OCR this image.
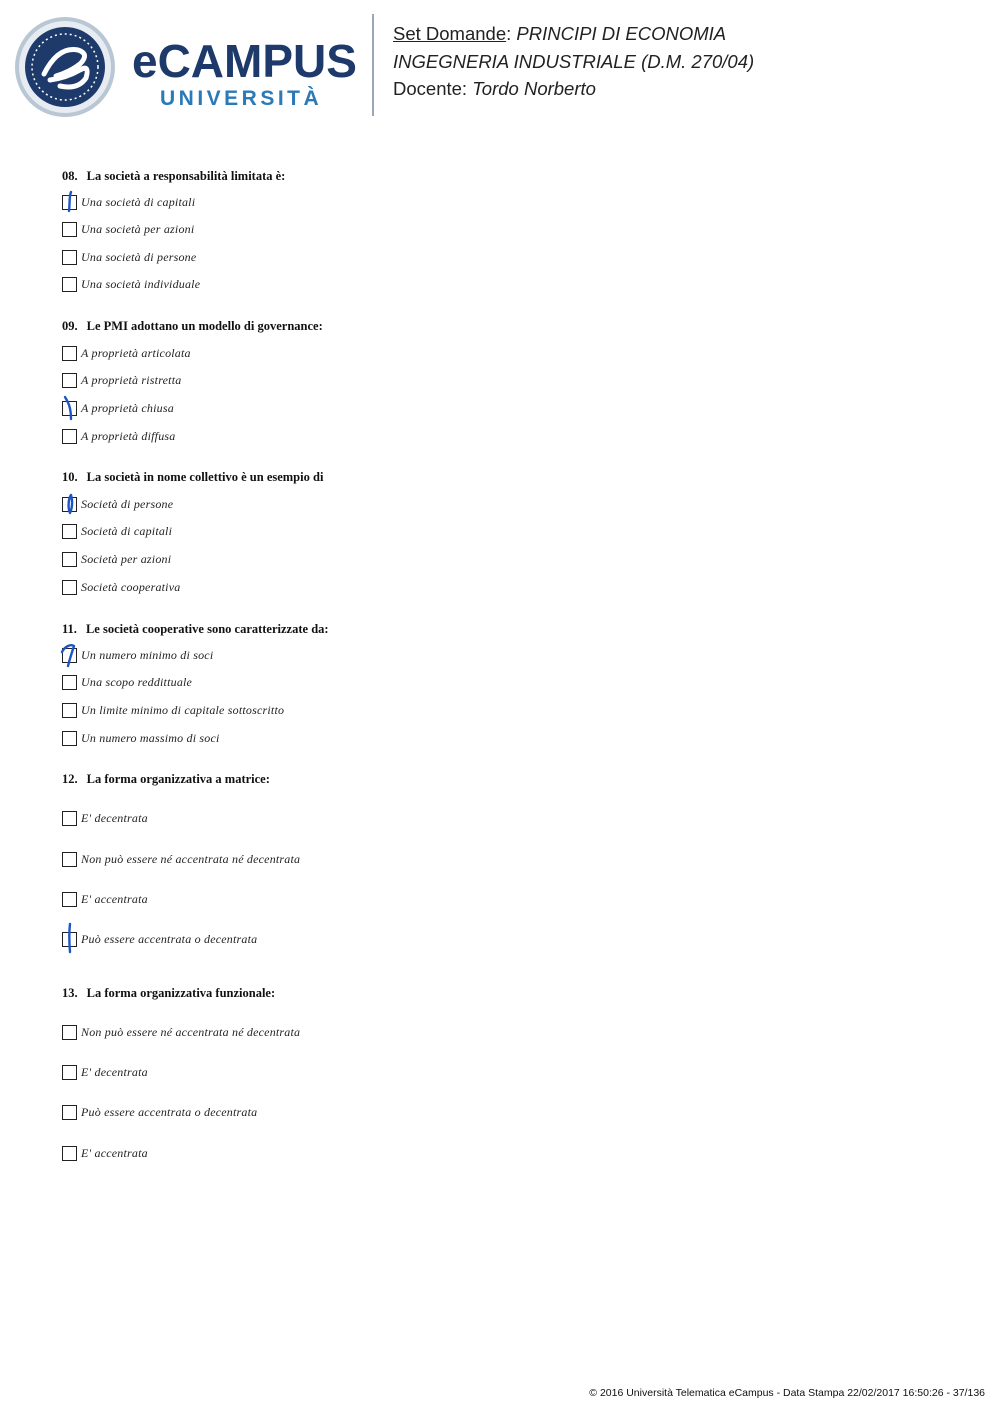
eCAMPUS
UNIVERSITÀ
Set Domande: PRINCIPI DI ECONOMIA
INGEGNERIA INDUSTRIALE (D.M. 270/04)
Docente: Tordo Norberto
08. La società a responsabilità limitata è:
Una società di capitali
Una società per azioni
Una società di persone
Una società individuale
09. Le PMI adottano un modello di governance:
A proprietà articolata
A proprietà ristretta
A proprietà chiusa
A proprietà diffusa
10. La società in nome collettivo è un esempio di
Società di persone
Società di capitali
Società per azioni
Società cooperativa
11. Le società cooperative sono caratterizzate da:
Un numero minimo di soci
Una scopo reddittuale
Un limite minimo di capitale sottoscritto
Un numero massimo di soci
12. La forma organizzativa a matrice:
E' decentrata
Non può essere né accentrata né decentrata
E' accentrata
Può essere accentrata o decentrata
13. La forma organizzativa funzionale:
Non può essere né accentrata né decentrata
E' decentrata
Può essere accentrata o decentrata
E' accentrata
© 2016 Università Telematica eCampus - Data Stampa 22/02/2017 16:50:26 - 37/136
